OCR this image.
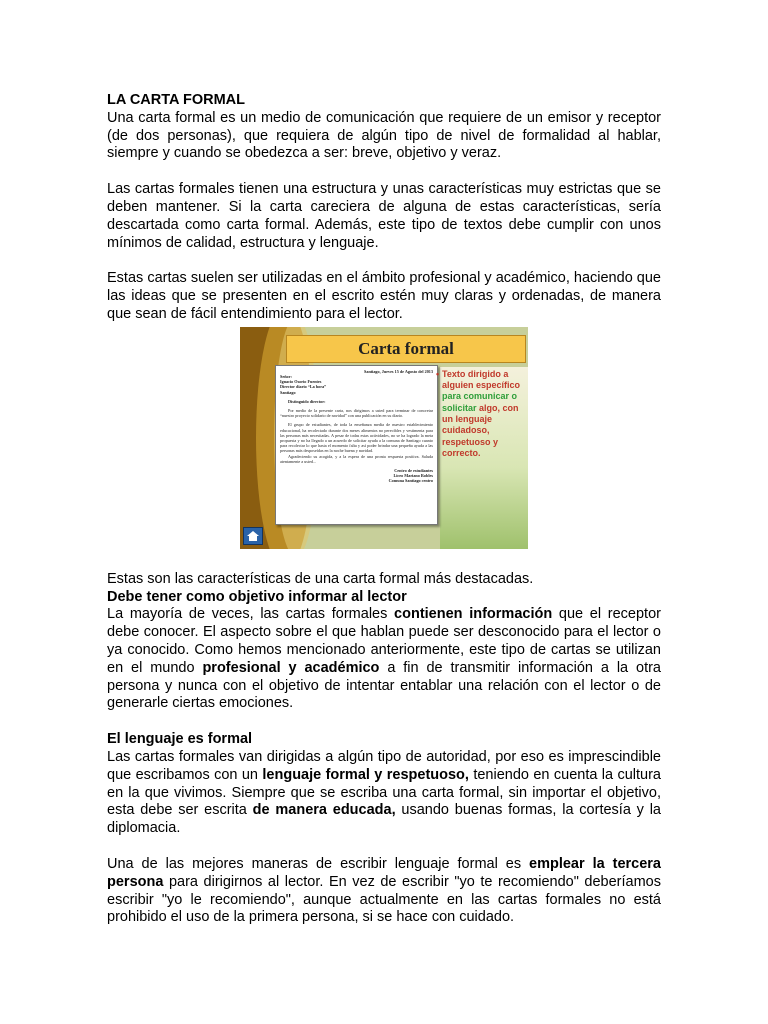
LA CARTA FORMAL

Una carta formal es un medio de comunicación que requiere de un emisor y receptor (de dos personas), que requiera de algún tipo de nivel de formalidad al hablar, siempre y cuando se obedezca a ser: breve, objetivo y veraz.

Las cartas formales tienen una estructura y unas características muy estrictas que se deben mantener. Si la carta careciera de alguna de estas características, sería descartada como carta formal. Además, este tipo de textos debe cumplir con unos mínimos de calidad, estructura y lenguaje.

Estas cartas suelen ser utilizadas en el ámbito profesional y académico, haciendo que las ideas que se presenten en el escrito estén muy claras y ordenadas, de manera que sean de fácil entendimiento para el lector.

Carta formal
Santiago, Jueves 15 de Agosto del 2013
Señor:
Ignacio Osorio Fuentes
Director diario “La hora”
Santiago
Distinguido director:
Por medio de la presente carta, nos dirigimos a usted para terminar de concretar “nuestro proyecto solidario de navidad” con una publicación en su diario.
El grupo de estudiantes, de toda la enseñanza media de nuestro establecimiento educacional, ha recolectado durante dos meses alimentos no perecibles y vestimenta para las personas más necesitadas. A pesar de todas estas actividades, no se ha logrado la meta propuesta y no ha llegado a un acuerdo de solicitar ayuda a la comuna de Santiago cuanto para recolectar lo que hasta el momento falta y así poder brindar una pequeña ayuda a las personas más desposeídas en la noche buena y navidad.
Agradeciendo su acogida, y a la espera de una pronta respuesta positiva. Saluda atentamente a usted...
Centro de estudiantes
Liceo Mariano Robles
Comuna Santiago centro
• Texto dirigido a alguien específico para comunicar o solicitar algo, con un lenguaje cuidadoso, respetuoso y correcto.

Estas son las características de una carta formal más destacadas.

Debe tener como objetivo informar al lector

La mayoría de veces, las cartas formales contienen información que el receptor debe conocer. El aspecto sobre el que hablan puede ser desconocido para el lector o ya conocido. Como hemos mencionado anteriormente, este tipo de cartas se utilizan en el mundo profesional y académico a fin de transmitir información a la otra persona y nunca con el objetivo de intentar entablar una relación con el lector o de generarle ciertas emociones.

El lenguaje es formal

Las cartas formales van dirigidas a algún tipo de autoridad, por eso es imprescindible que escribamos con un lenguaje formal y respetuoso, teniendo en cuenta la cultura en la que vivimos. Siempre que se escriba una carta formal, sin importar el objetivo, esta debe ser escrita de manera educada, usando buenas formas, la cortesía y la diplomacia.

Una de las mejores maneras de escribir lenguaje formal es emplear la tercera persona para dirigirnos al lector. En vez de escribir "yo te recomiendo" deberíamos escribir "yo le recomiendo", aunque actualmente en las cartas formales no está prohibido el uso de la primera persona, si se hace con cuidado.
